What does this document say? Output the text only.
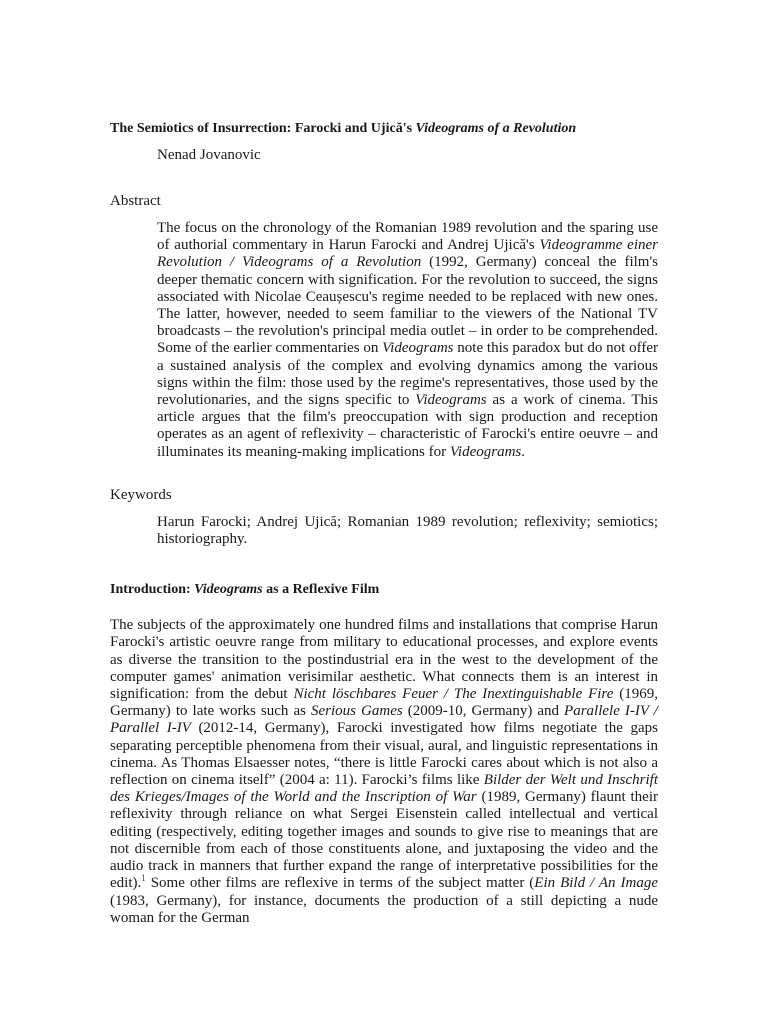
The Semiotics of Insurrection: Farocki and Ujică's Videograms of a Revolution

Nenad Jovanovic

Abstract

The focus on the chronology of the Romanian 1989 revolution and the sparing use of authorial commentary in Harun Farocki and Andrej Ujică's Videogramme einer Revolution / Videograms of a Revolution (1992, Germany) conceal the film's deeper thematic concern with signification. For the revolution to succeed, the signs associated with Nicolae Ceaușescu's regime needed to be replaced with new ones. The latter, however, needed to seem familiar to the viewers of the National TV broadcasts – the revolution's principal media outlet – in order to be comprehended. Some of the earlier commentaries on Videograms note this paradox but do not offer a sustained analysis of the complex and evolving dynamics among the various signs within the film: those used by the regime's representatives, those used by the revolutionaries, and the signs specific to Videograms as a work of cinema. This article argues that the film's preoccupation with sign production and reception operates as an agent of reflexivity – characteristic of Farocki's entire oeuvre – and illuminates its meaning-making implications for Videograms.

Keywords

Harun Farocki; Andrej Ujică; Romanian 1989 revolution; reflexivity; semiotics; historiography.

Introduction: Videograms as a Reflexive Film

The subjects of the approximately one hundred films and installations that comprise Harun Farocki's artistic oeuvre range from military to educational processes, and explore events as diverse the transition to the postindustrial era in the west to the development of the computer games' animation verisimilar aesthetic. What connects them is an interest in signification: from the debut Nicht löschbares Feuer / The Inextinguishable Fire (1969, Germany) to late works such as Serious Games (2009-10, Germany) and Parallele I-IV / Parallel I-IV (2012-14, Germany), Farocki investigated how films negotiate the gaps separating perceptible phenomena from their visual, aural, and linguistic representations in cinema. As Thomas Elsaesser notes, “there is little Farocki cares about which is not also a reflection on cinema itself” (2004 a: 11). Farocki’s films like Bilder der Welt und Inschrift des Krieges/Images of the World and the Inscription of War (1989, Germany) flaunt their reflexivity through reliance on what Sergei Eisenstein called intellectual and vertical editing (respectively, editing together images and sounds to give rise to meanings that are not discernible from each of those constituents alone, and juxtaposing the video and the audio track in manners that further expand the range of interpretative possibilities for the edit).$^1$ Some other films are reflexive in terms of the subject matter (Ein Bild / An Image (1983, Germany), for instance, documents the production of a still depicting a nude woman for the German
